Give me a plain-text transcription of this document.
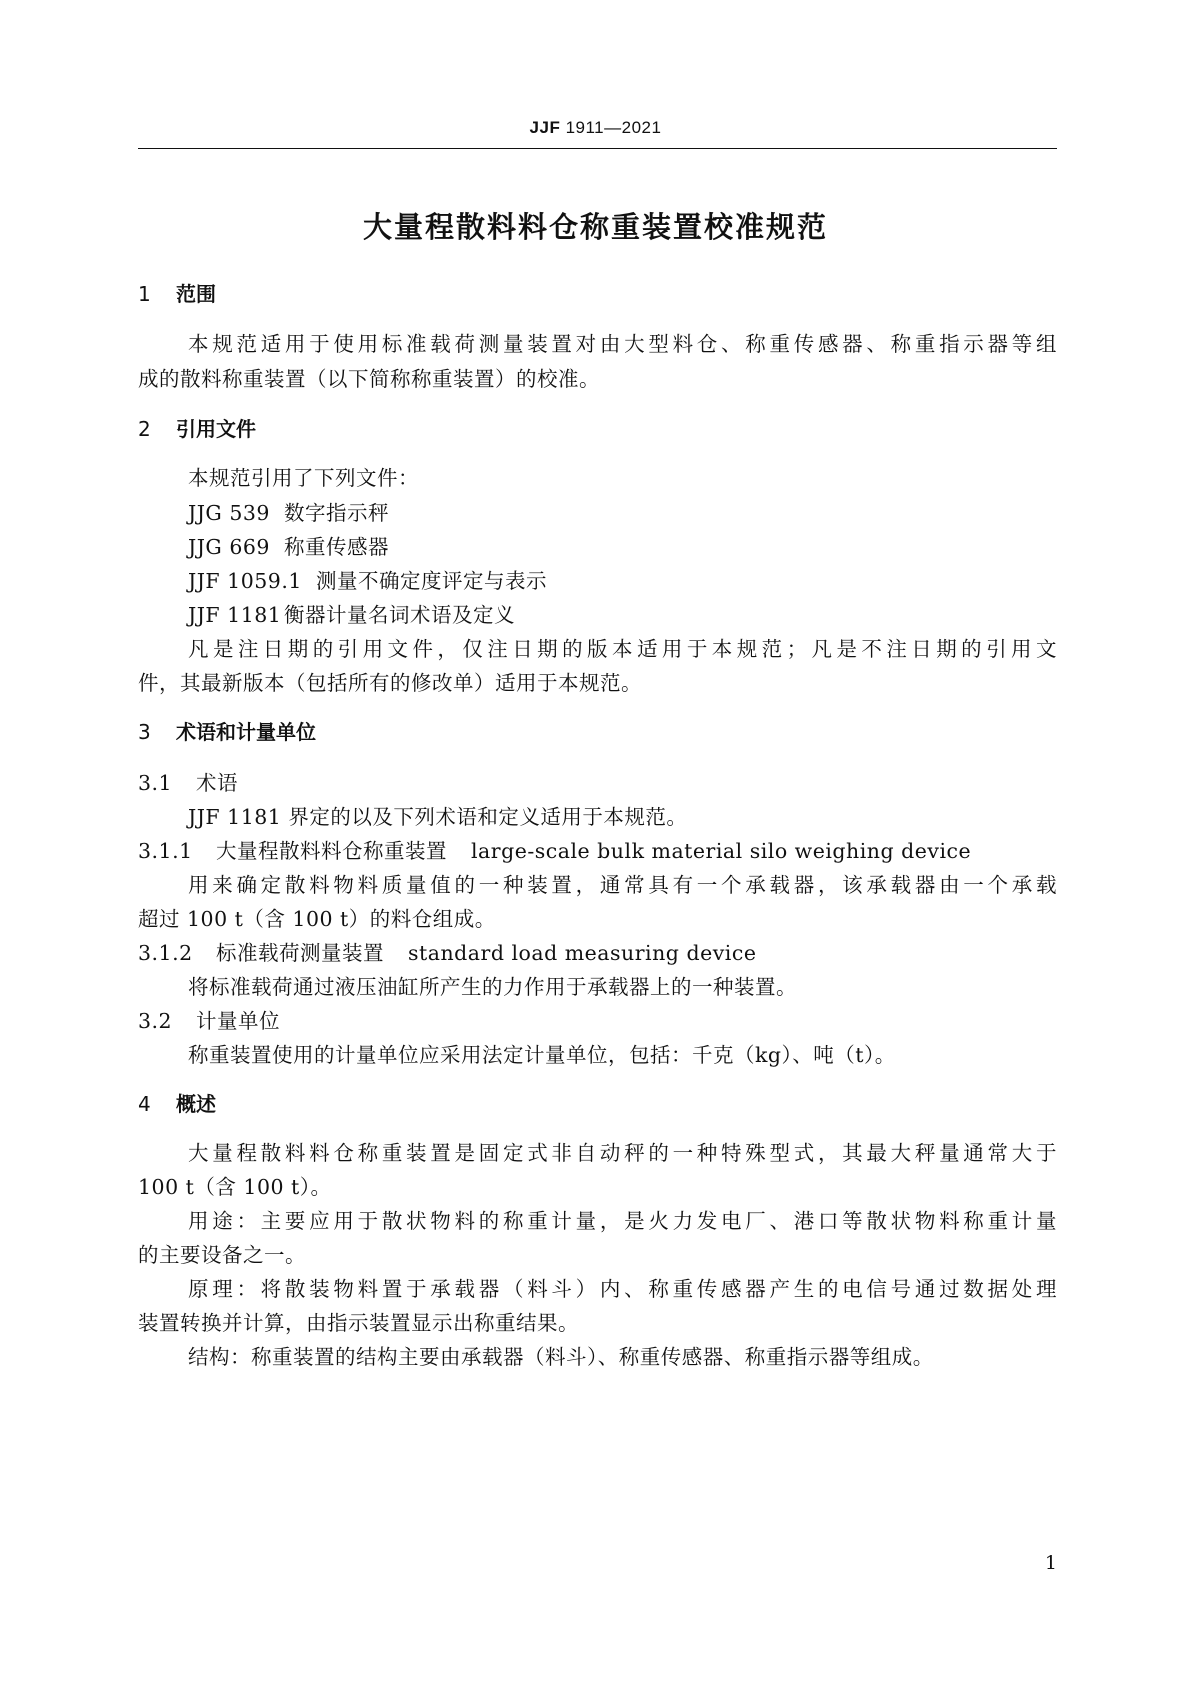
JJF 1911—2021
大量程散料料仓称重装置校准规范
1 范围
本规范适用于使用标准载荷测量装置对由大型料仓、称重传感器、称重指示器等组
成的散料称重装置（以下简称称重装置）的校准。
2 引用文件
本规范引用了下列文件：
JJG 539 数字指示秤
JJG 669 称重传感器
JJF 1059.1 测量不确定度评定与表示
JJF 1181 衡器计量名词术语及定义
凡是注日期的引用文件，仅注日期的版本适用于本规范；凡是不注日期的引用文
件，其最新版本（包括所有的修改单）适用于本规范。
3 术语和计量单位
3.1 术语
JJF 1181 界定的以及下列术语和定义适用于本规范。
3.1.1 大量程散料料仓称重装置 large-scale bulk material silo weighing device
用来确定散料物料质量值的一种装置，通常具有一个承载器，该承载器由一个承载
超过 100 t（含 100 t）的料仓组成。
3.1.2 标准载荷测量装置 standard load measuring device
将标准载荷通过液压油缸所产生的力作用于承载器上的一种装置。
3.2 计量单位
称重装置使用的计量单位应采用法定计量单位，包括：千克（kg）、吨（t）。
4 概述
大量程散料料仓称重装置是固定式非自动秤的一种特殊型式，其最大秤量通常大于
100 t（含 100 t）。
用途：主要应用于散状物料的称重计量，是火力发电厂、港口等散状物料称重计量
的主要设备之一。
原理：将散装物料置于承载器（料斗）内、称重传感器产生的电信号通过数据处理
装置转换并计算，由指示装置显示出称重结果。
结构：称重装置的结构主要由承载器（料斗）、称重传感器、称重指示器等组成。
1
